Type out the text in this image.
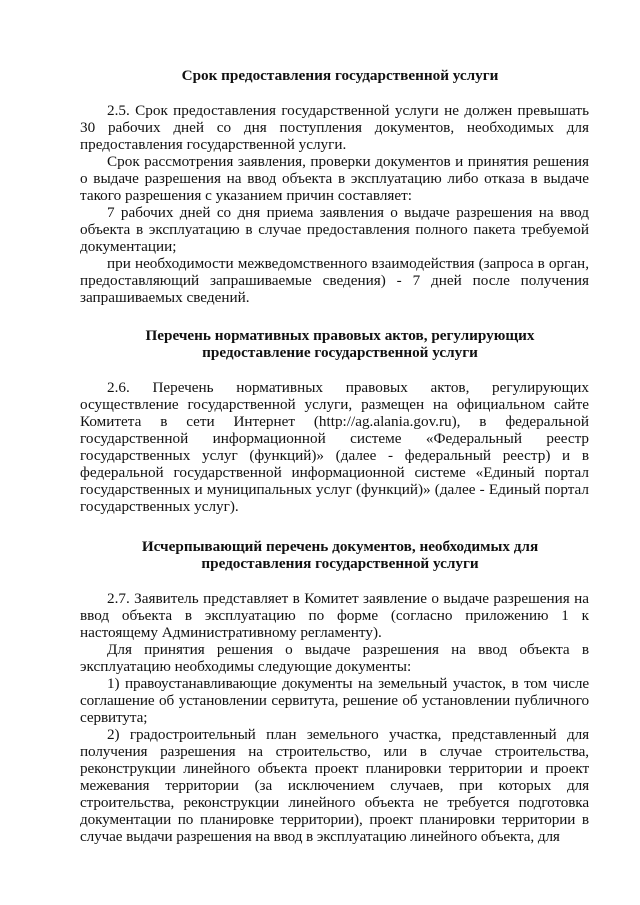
Срок предоставления государственной услуги

2.5. Срок предоставления государственной услуги не должен превышать 30 рабочих дней со дня поступления документов, необходимых для предоставления государственной услуги.

Срок рассмотрения заявления, проверки документов и принятия решения о выдаче разрешения на ввод объекта в эксплуатацию либо отказа в выдаче такого разрешения с указанием причин составляет:

7 рабочих дней со дня приема заявления о выдаче разрешения на ввод объекта в эксплуатацию в случае предоставления полного пакета требуемой документации;

при необходимости межведомственного взаимодействия (запроса в орган, предоставляющий запрашиваемые сведения) - 7 дней после получения запрашиваемых сведений.

Перечень нормативных правовых актов, регулирующих
предоставление государственной услуги

2.6. Перечень нормативных правовых актов, регулирующих осуществление государственной услуги, размещен на официальном сайте Комитета в сети Интернет (http://ag.alania.gov.ru), в федеральной государственной информационной системе «Федеральный реестр государственных услуг (функций)» (далее - федеральный реестр) и в федеральной государственной информационной системе «Единый портал государственных и муниципальных услуг (функций)» (далее - Единый портал государственных услуг).

Исчерпывающий перечень документов, необходимых для
предоставления государственной услуги

2.7. Заявитель представляет в Комитет заявление о выдаче разрешения на ввод объекта в эксплуатацию по форме (согласно приложению 1 к настоящему Административному регламенту).

Для принятия решения о выдаче разрешения на ввод объекта в эксплуатацию необходимы следующие документы:

1) правоустанавливающие документы на земельный участок, в том числе соглашение об установлении сервитута, решение об установлении публичного сервитута;

2) градостроительный план земельного участка, представленный для получения разрешения на строительство, или в случае строительства, реконструкции линейного объекта проект планировки территории и проект межевания территории (за исключением случаев, при которых для строительства, реконструкции линейного объекта не требуется подготовка документации по планировке территории), проект планировки территории в случае выдачи разрешения на ввод в эксплуатацию линейного объекта, для
